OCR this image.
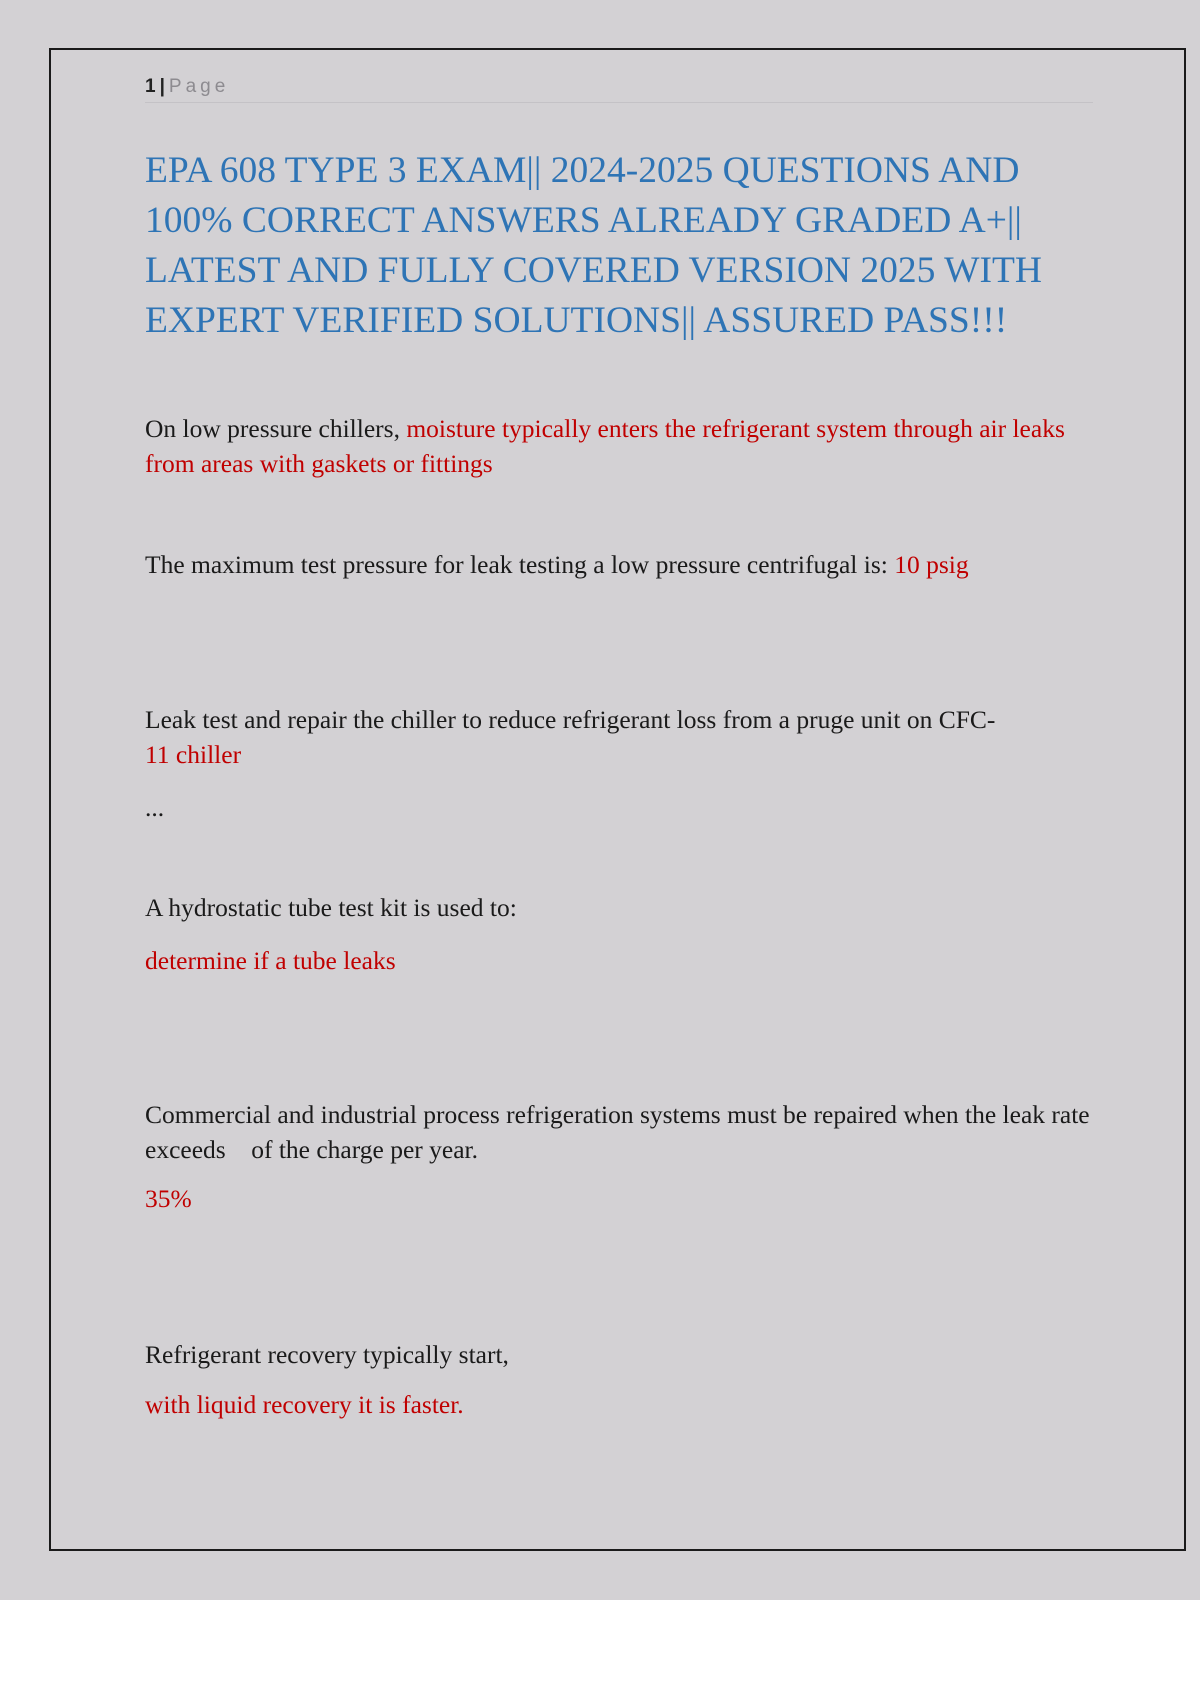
1 | Page
EPA 608 TYPE 3 EXAM|| 2024-2025 QUESTIONS AND 100% CORRECT ANSWERS ALREADY GRADED A+|| LATEST AND FULLY COVERED VERSION 2025 WITH EXPERT VERIFIED SOLUTIONS|| ASSURED PASS!!!

On low pressure chillers, moisture typically enters the refrigerant system through air leaks from areas with gaskets or fittings

The maximum test pressure for leak testing a low pressure centrifugal is: 10 psig

Leak test and repair the chiller to reduce refrigerant loss from a pruge unit on CFC-
11 chiller

...

A hydrostatic tube test kit is used to:

determine if a tube leaks

Commercial and industrial process refrigeration systems must be repaired when the leak rate exceeds    of the charge per year.

35%

Refrigerant recovery typically start,

with liquid recovery it is faster.
